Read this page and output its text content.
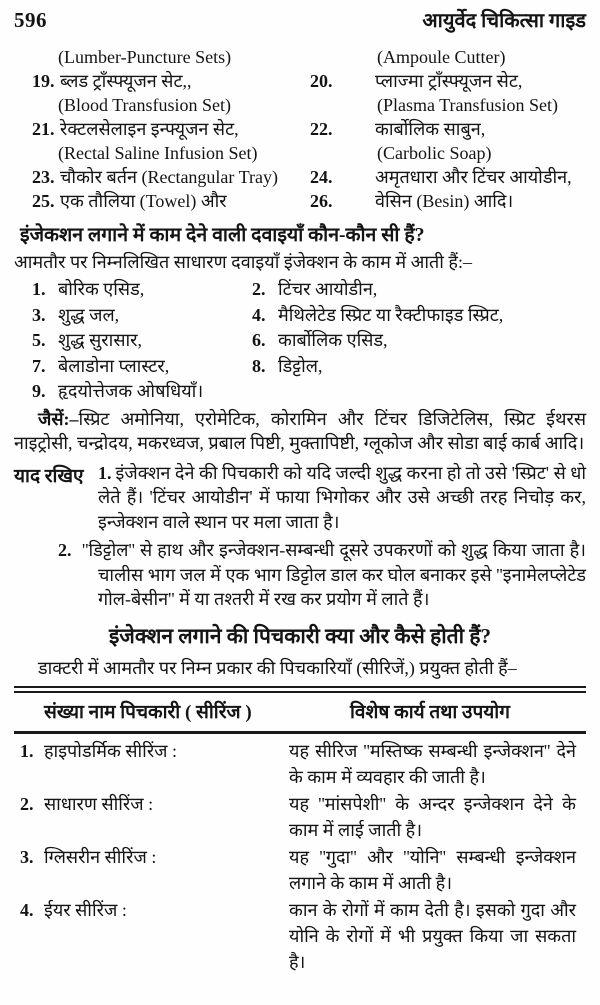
596	आयुर्वेद चिकित्सा गाइड
(Lumber-Puncture Sets)	(Ampoule Cutter)
19. ब्लड ट्राँस्फ्यूजन सेट,,	20. प्लाज्मा ट्राँस्फ्यूजन सेट,
(Blood Transfusion Set)	(Plasma Transfusion Set)
21. रेक्टलसेलाइन इन्फ्यूजन सेट,	22. कार्बोलिक साबुन,
(Rectal Saline Infusion Set)	(Carbolic Soap)
23. चौकोर बर्तन (Rectangular Tray)	24. अमृतधारा और टिंचर आयोडीन,
25. एक तौलिया (Towel) और	26. वेसिन (Besin) आदि।
इंजेकशन लगाने में काम देने वाली दवाइयाँ कौन-कौन सी हैं?
आमतौर पर निम्नलिखित साधारण दवाइयाँ इंजेक्शन के काम में आती हैं:–
1. बोरिक एसिड,	2. टिंचर आयोडीन,
3. शुद्ध जल,	4. मैथिलेटेड स्प्रिट या रैक्टीफाइड स्प्रिट,
5. शुद्ध सुरासार,	6. कार्बोलिक एसिड,
7. बेलाडोना प्लास्टर,	8. डिट्टोल,
9. हृदयोत्तेजक ओषधियाँ।
जैसें:–स्प्रिट अमोनिया, एरोमेटिक, कोरामिन और टिंचर डिजिटेलिस, स्प्रिट ईथरस नाइट्रोसी, चन्द्रोदय, मकरध्वज, प्रबाल पिष्टी, मुक्तापिष्टी, ग्लूकोज और सोडा बाई कार्ब आदि।
याद रखिए 1. इंजेक्शन देने की पिचकारी को यदि जल्दी शुद्ध करना हो तो उसे 'स्प्रिट' से धो लेते हैं। 'टिंचर आयोडीन' में फाया भिगोकर और उसे अच्छी तरह निचोड़ कर, इन्जेक्शन वाले स्थान पर मला जाता है।

2. ''डिट्टोल'' से हाथ और इन्जेक्शन-सम्बन्धी दूसरे उपकरणों को शुद्ध किया जाता है। चालीस भाग जल में एक भाग डिट्टोल डाल कर घोल बनाकर इसे ''इनामेलप्लेटेड गोल-बेसीन'' में या तश्तरी में रख कर प्रयोग में लाते हैं।

इंजेक्शन लगाने की पिचकारी क्या और कैसे होती हैं?
डाक्टरी में आमतौर पर निम्न प्रकार की पिचकारियाँ (सीरिजें,) प्रयुक्त होती हैं–
संख्या नाम पिचकारी ( सीरिंज )	विशेष कार्य तथा उपयोग
1. हाइपोडर्मिक सीरिंज :	यह सीरिज ''मस्तिष्क सम्बन्धी इन्जेक्शन'' देने के काम में व्यवहार की जाती है।
2. साधारण सीरिंज :	यह ''मांसपेशी'' के अन्दर इन्जेक्शन देने के काम में लाई जाती है।
3. ग्लिसरीन सीरिंज :	यह ''गुदा'' और ''योनि'' सम्बन्धी इन्जेक्शन लगाने के काम में आती है।
4. ईयर सीरिंज :	कान के रोगों में काम देती है। इसको गुदा और योनि के रोगों में भी प्रयुक्त किया जा सकता है।
